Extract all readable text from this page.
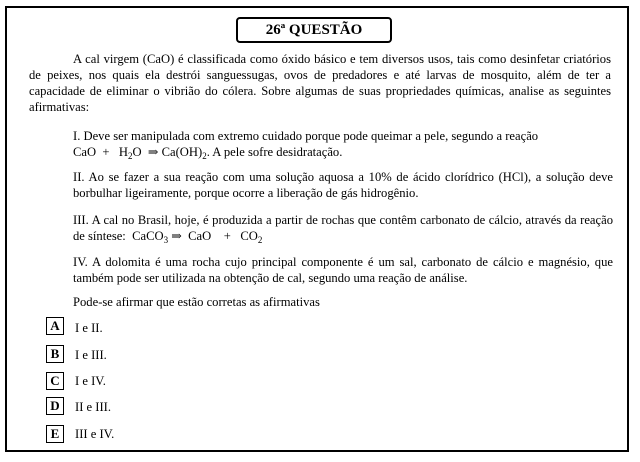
26ª QUESTÃO

A cal virgem (CaO) é classificada como óxido básico e tem diversos usos, tais como desinfetar criatórios de peixes, nos quais ela destrói sanguessugas, ovos de predadores e até larvas de mosquito, além de ter a capacidade de eliminar o vibrião do cólera. Sobre algumas de suas propriedades químicas, analise as seguintes afirmativas:

I. Deve ser manipulada com extremo cuidado porque pode queimar a pele, segundo a reação
CaO  +   $H_2O$  ⇒ $Ca(OH)_2$. A pele sofre desidratação.
II. Ao se fazer a sua reação com uma solução aquosa a 10% de ácido clorídrico (HCl), a solução deve borbulhar ligeiramente, porque ocorre a liberação de gás hidrogênio.
III. A cal no Brasil, hoje, é produzida a partir de rochas que contêm carbonato de cálcio, através da reação de síntese:  CaCO$_3$ ⇒  CaO    +   $CO_2$
IV. A dolomita é uma rocha cujo principal componente é um sal, carbonato de cálcio e magnésio, que também pode ser utilizada na obtenção de cal, segundo uma reação de análise.

Pode-se afirmar que estão corretas as afirmativas

A	I e II.
B	I e III.
C	I e IV.
D	II e III.
E	III e IV.
